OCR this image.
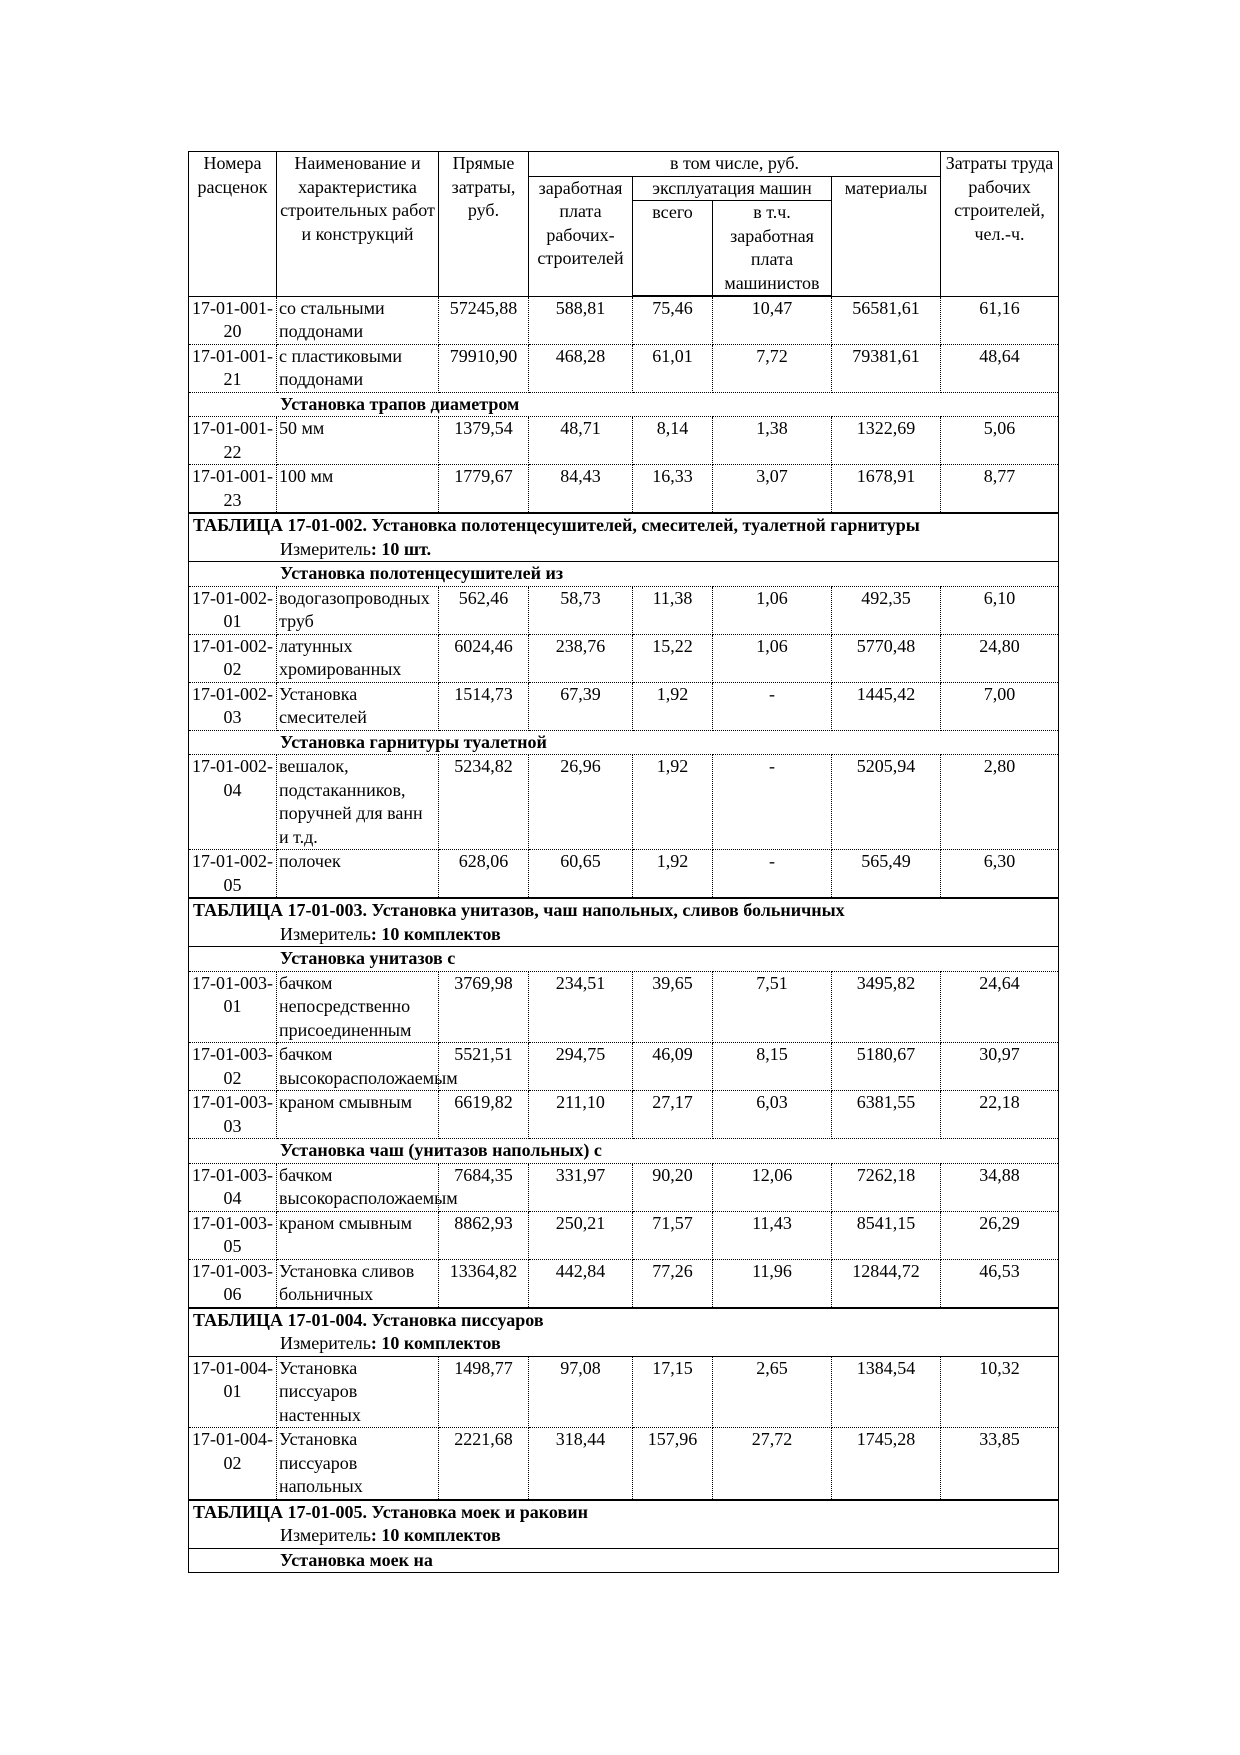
Номера расценок	Наименование и характеристика строительных работ и конструкций	Прямые затраты, руб.	в том числе, руб.				Затраты труда рабочих строителей, чел.-ч.
			заработная плата рабочих-строителей	эксплуатация машин		материалы	
				всего	в т.ч. заработная плата машинистов		
17-01-001-20	со стальными поддонами	57245,88	588,81	75,46	10,47	56581,61	61,16
17-01-001-21	с пластиковыми поддонами	79910,90	468,28	61,01	7,72	79381,61	48,64
Установка трапов диаметром							
17-01-001-22	50 мм	1379,54	48,71	8,14	1,38	1322,69	5,06
17-01-001-23	100 мм	1779,67	84,43	16,33	3,07	1678,91	8,77
ТАБЛИЦА 17-01-002. Установка полотенцесушителей, смесителей, туалетной гарнитуры							
Измеритель: 10 шт.							
Установка полотенцесушителей из							
17-01-002-01	водогазопроводных труб	562,46	58,73	11,38	1,06	492,35	6,10
17-01-002-02	латунных хромированных	6024,46	238,76	15,22	1,06	5770,48	24,80
17-01-002-03	Установка смесителей	1514,73	67,39	1,92	-	1445,42	7,00
Установка гарнитуры туалетной							
17-01-002-04	вешалок, подстаканников, поручней для ванн и т.д.	5234,82	26,96	1,92	-	5205,94	2,80
17-01-002-05	полочек	628,06	60,65	1,92	-	565,49	6,30
ТАБЛИЦА 17-01-003. Установка унитазов, чаш напольных, сливов больничных							
Измеритель: 10 комплектов							
Установка унитазов с							
17-01-003-01	бачком непосредственно присоединенным	3769,98	234,51	39,65	7,51	3495,82	24,64
17-01-003-02	бачком высокорасположаемым	5521,51	294,75	46,09	8,15	5180,67	30,97
17-01-003-03	краном смывным	6619,82	211,10	27,17	6,03	6381,55	22,18
Установка чаш (унитазов напольных) с							
17-01-003-04	бачком высокорасположаемым	7684,35	331,97	90,20	12,06	7262,18	34,88
17-01-003-05	краном смывным	8862,93	250,21	71,57	11,43	8541,15	26,29
17-01-003-06	Установка сливов больничных	13364,82	442,84	77,26	11,96	12844,72	46,53
ТАБЛИЦА 17-01-004. Установка писсуаров							
Измеритель: 10 комплектов							
17-01-004-01	Установка писсуаров настенных	1498,77	97,08	17,15	2,65	1384,54	10,32
17-01-004-02	Установка писсуаров напольных	2221,68	318,44	157,96	27,72	1745,28	33,85
ТАБЛИЦА 17-01-005. Установка моек и раковин							
Измеритель: 10 комплектов							
Установка моек на							
